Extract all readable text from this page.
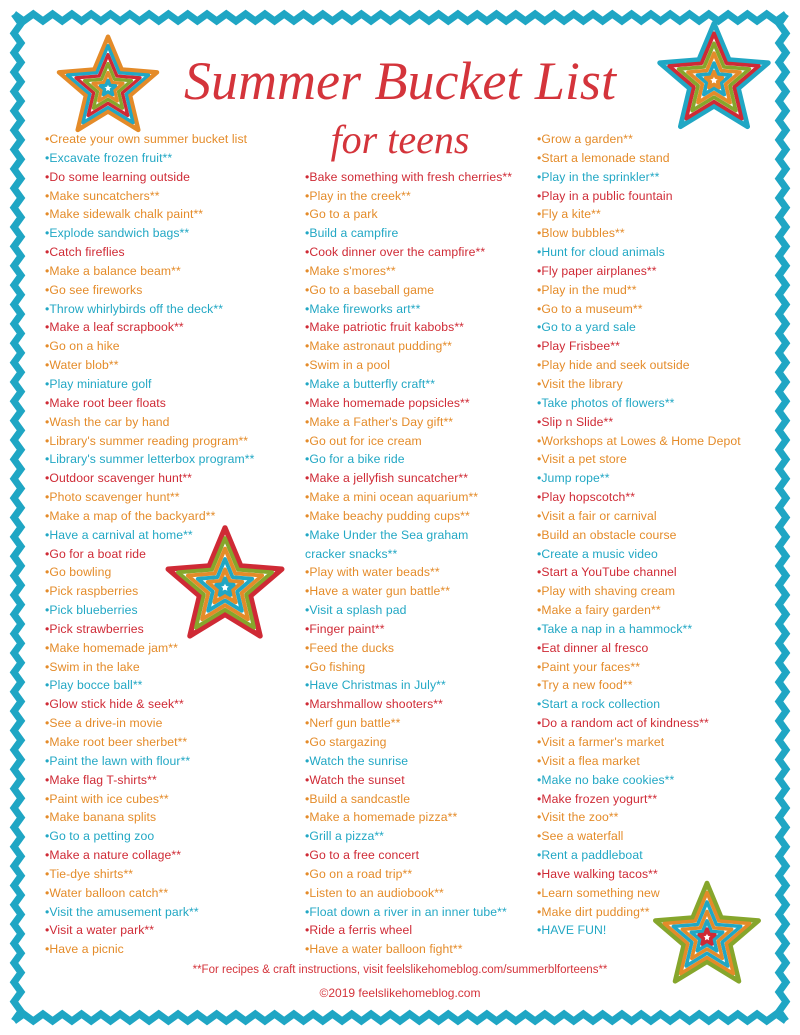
Summer Bucket List
for teens
•Create your own summer bucket list
•Excavate frozen fruit**
•Do some learning outside
•Make suncatchers**
•Make sidewalk chalk paint**
•Explode sandwich bags**
•Catch fireflies
•Make a balance beam**
•Go see fireworks
•Throw whirlybirds off the deck**
•Make a leaf scrapbook**
•Go on a hike
•Water blob**
•Play miniature golf
•Make root beer floats
•Wash the car by hand
•Library's summer reading program**
•Library's summer letterbox program**
•Outdoor scavenger hunt**
•Photo scavenger hunt**
•Make a map of the backyard**
•Have a carnival at home**
•Go for a boat ride
•Go bowling
•Pick raspberries
•Pick blueberries
•Pick strawberries
•Make homemade jam**
•Swim in the lake
•Play bocce ball**
•Glow stick hide & seek**
•See a drive-in movie
•Make root beer sherbet**
•Paint the lawn with flour**
•Make flag T-shirts**
•Paint with ice cubes**
•Make banana splits
•Go to a petting zoo
•Make a nature collage**
•Tie-dye shirts**
•Water balloon catch**
•Visit the amusement park**
•Visit a water park**
•Have a picnic
•Bake something with fresh cherries**
•Play in the creek**
•Go to a park
•Build a campfire
•Cook dinner over the campfire**
•Make s'mores**
•Go to a baseball game
•Make fireworks art**
•Make patriotic fruit kabobs**
•Make astronaut pudding**
•Swim in a pool
•Make a butterfly craft**
•Make homemade popsicles**
•Make a Father's Day gift**
•Go out for ice cream
•Go for a bike ride
•Make a jellyfish suncatcher**
•Make a mini ocean aquarium**
•Make beachy pudding cups**
•Make Under the Sea graham
cracker snacks**
•Play with water beads**
•Have a water gun battle**
•Visit a splash pad
•Finger paint**
•Feed the ducks
•Go fishing
•Have Christmas in July**
•Marshmallow shooters**
•Nerf gun battle**
•Go stargazing
•Watch the sunrise
•Watch the sunset
•Build a sandcastle
•Make a homemade pizza**
•Grill a pizza**
•Go to a free concert
•Go on a road trip**
•Listen to an audiobook**
•Float down a river in an inner tube**
•Ride a ferris wheel
•Have a water balloon fight**
•Grow a garden**
•Start a lemonade stand
•Play in the sprinkler**
•Play in a public fountain
•Fly a kite**
•Blow bubbles**
•Hunt for cloud animals
•Fly paper airplanes**
•Play in the mud**
•Go to a museum**
•Go to a yard sale
•Play Frisbee**
•Play hide and seek outside
•Visit the library
•Take photos of flowers**
•Slip n Slide**
•Workshops at Lowes & Home Depot
•Visit a pet store
•Jump rope**
•Play hopscotch**
•Visit a fair or carnival
•Build an obstacle course
•Create a music video
•Start a YouTube channel
•Play with shaving cream
•Make a fairy garden**
•Take a nap in a hammock**
•Eat dinner al fresco
•Paint your faces**
•Try a new food**
•Start a rock collection
•Do a random act of kindness**
•Visit a farmer's market
•Visit a flea market
•Make no bake cookies**
•Make frozen yogurt**
•Visit the zoo**
•See a waterfall
•Rent a paddleboat
•Have walking tacos**
•Learn something new
•Make dirt pudding**
•HAVE FUN!
**For recipes & craft instructions, visit feelslikehomeblog.com/summerblforteens**
©2019 feelslikehomeblog.com
